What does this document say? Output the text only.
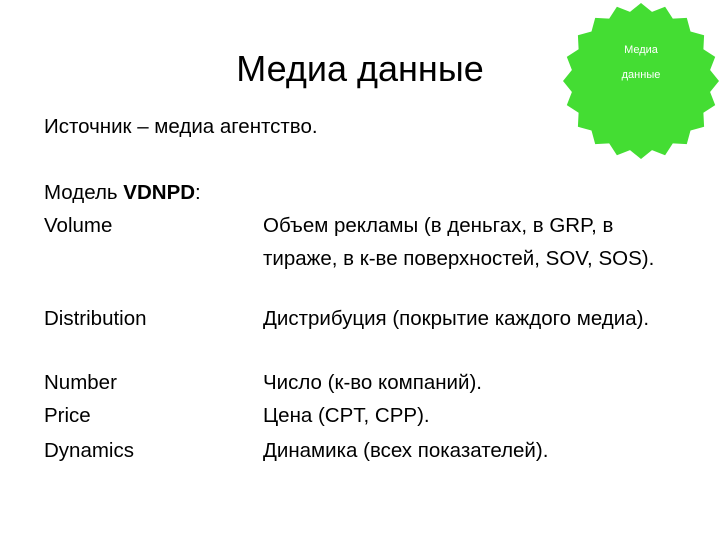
Медиа данные	Медиа
данные
Источник – медиа агентство.
Модель VDNPD:
Volume	Объем рекламы (в деньгах, в GRP, в тираже, в к-ве поверхностей, SOV, SOS).
Distribution	Дистрибуция (покрытие каждого медиа).
Number	Число (к-во компаний).
Price	Цена (CPT, CPP).
Dynamics	Динамика (всех показателей).
